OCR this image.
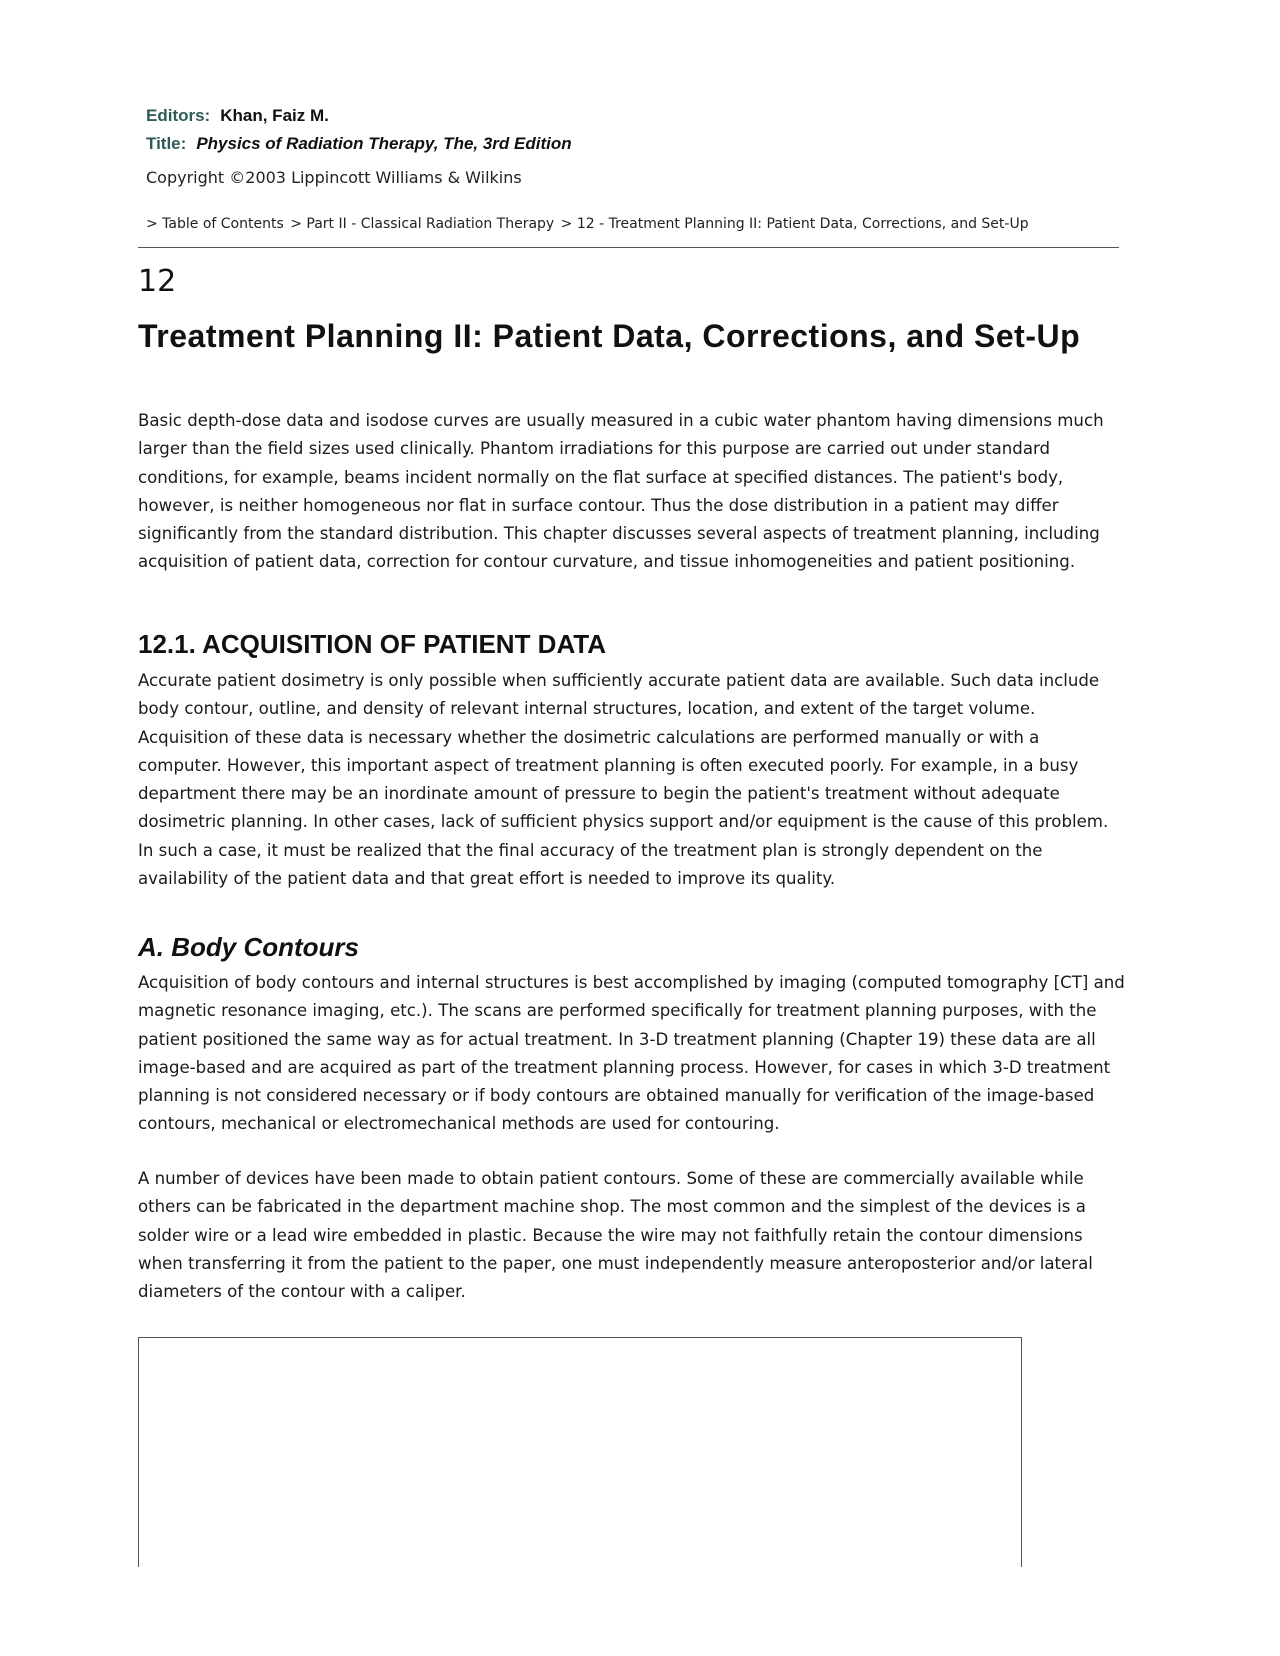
Editors: Khan, Faiz M.
Title: Physics of Radiation Therapy, The, 3rd Edition
Copyright ©2003 Lippincott Williams & Wilkins
> Table of Contents > Part II - Classical Radiation Therapy > 12 - Treatment Planning II: Patient Data, Corrections, and Set-Up
12
Treatment Planning II: Patient Data, Corrections, and Set-Up

Basic depth-dose data and isodose curves are usually measured in a cubic water phantom having dimensions much larger than the field sizes used clinically. Phantom irradiations for this purpose are carried out under standard conditions, for example, beams incident normally on the flat surface at specified distances. The patient's body, however, is neither homogeneous nor flat in surface contour. Thus the dose distribution in a patient may differ significantly from the standard distribution. This chapter discusses several aspects of treatment planning, including acquisition of patient data, correction for contour curvature, and tissue inhomogeneities and patient positioning.

12.1. ACQUISITION OF PATIENT DATA

Accurate patient dosimetry is only possible when sufficiently accurate patient data are available. Such data include body contour, outline, and density of relevant internal structures, location, and extent of the target volume. Acquisition of these data is necessary whether the dosimetric calculations are performed manually or with a computer. However, this important aspect of treatment planning is often executed poorly. For example, in a busy department there may be an inordinate amount of pressure to begin the patient's treatment without adequate dosimetric planning. In other cases, lack of sufficient physics support and/or equipment is the cause of this problem. In such a case, it must be realized that the final accuracy of the treatment plan is strongly dependent on the availability of the patient data and that great effort is needed to improve its quality.

A. Body Contours

Acquisition of body contours and internal structures is best accomplished by imaging (computed tomography [CT] and magnetic resonance imaging, etc.). The scans are performed specifically for treatment planning purposes, with the patient positioned the same way as for actual treatment. In 3-D treatment planning (Chapter 19) these data are all image-based and are acquired as part of the treatment planning process. However, for cases in which 3-D treatment planning is not considered necessary or if body contours are obtained manually for verification of the image-based contours, mechanical or electromechanical methods are used for contouring.

A number of devices have been made to obtain patient contours. Some of these are commercially available while others can be fabricated in the department machine shop. The most common and the simplest of the devices is a solder wire or a lead wire embedded in plastic. Because the wire may not faithfully retain the contour dimensions when transferring it from the patient to the paper, one must independently measure anteroposterior and/or lateral diameters of the contour with a caliper.
